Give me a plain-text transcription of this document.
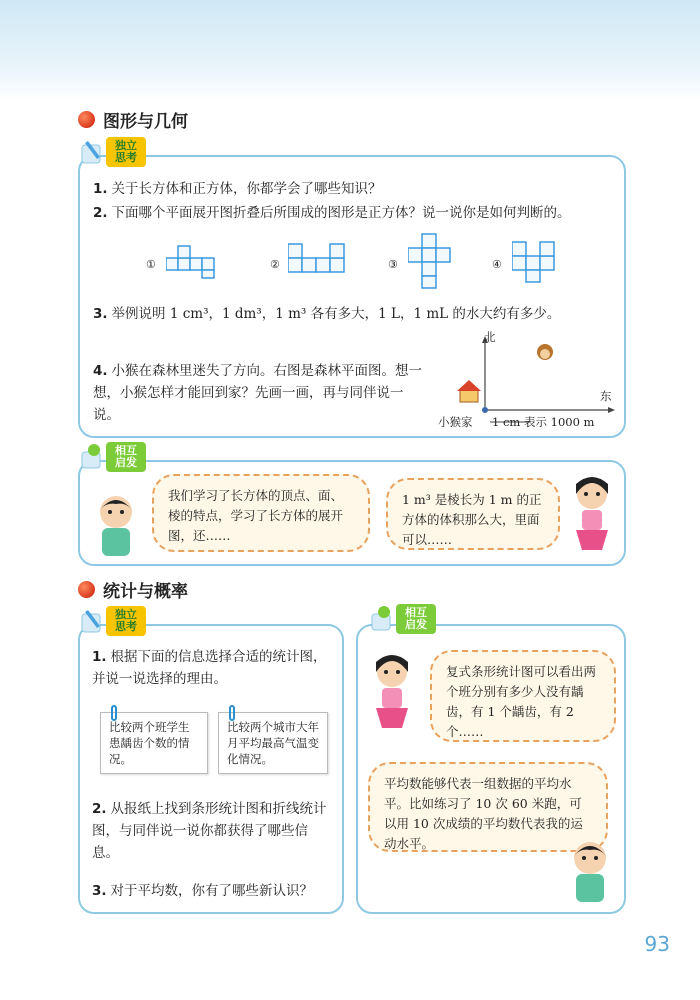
图形与几何
独立思考
1. 关于长方体和正方体，你都学会了哪些知识？
2. 下面哪个平面展开图折叠后所围成的图形是正方体？说一说你是如何判断的。
①	②	③	④
3. 举例说明 1 cm³，1 dm³，1 m³ 各有多大，1 L，1 mL 的水大约有多少。
4. 小猴在森林里迷失了方向。右图是森林平面图。想一想，小猴怎样才能回到家？先画一画，再与同伴说一说。
北
东
小猴家 1 cm 表示 1000 m
相互启发
我们学习了长方体的顶点、面、棱的特点，学习了长方体的展开图，还……
1 m³ 是棱长为 1 m 的正方体的体积那么大，里面可以……
统计与概率
独立思考
1. 根据下面的信息选择合适的统计图，并说一说选择的理由。
比较两个班学生患龋齿个数的情况。
比较两个城市大年月平均最高气温变化情况。
2. 从报纸上找到条形统计图和折线统计图，与同伴说一说你都获得了哪些信息。
3. 对于平均数，你有了哪些新认识？
相互启发
复式条形统计图可以看出两个班分别有多少人没有龋齿，有 1 个龋齿，有 2 个……
平均数能够代表一组数据的平均水平。比如练习了 10 次 60 米跑，可以用 10 次成绩的平均数代表我的运动水平。
93
